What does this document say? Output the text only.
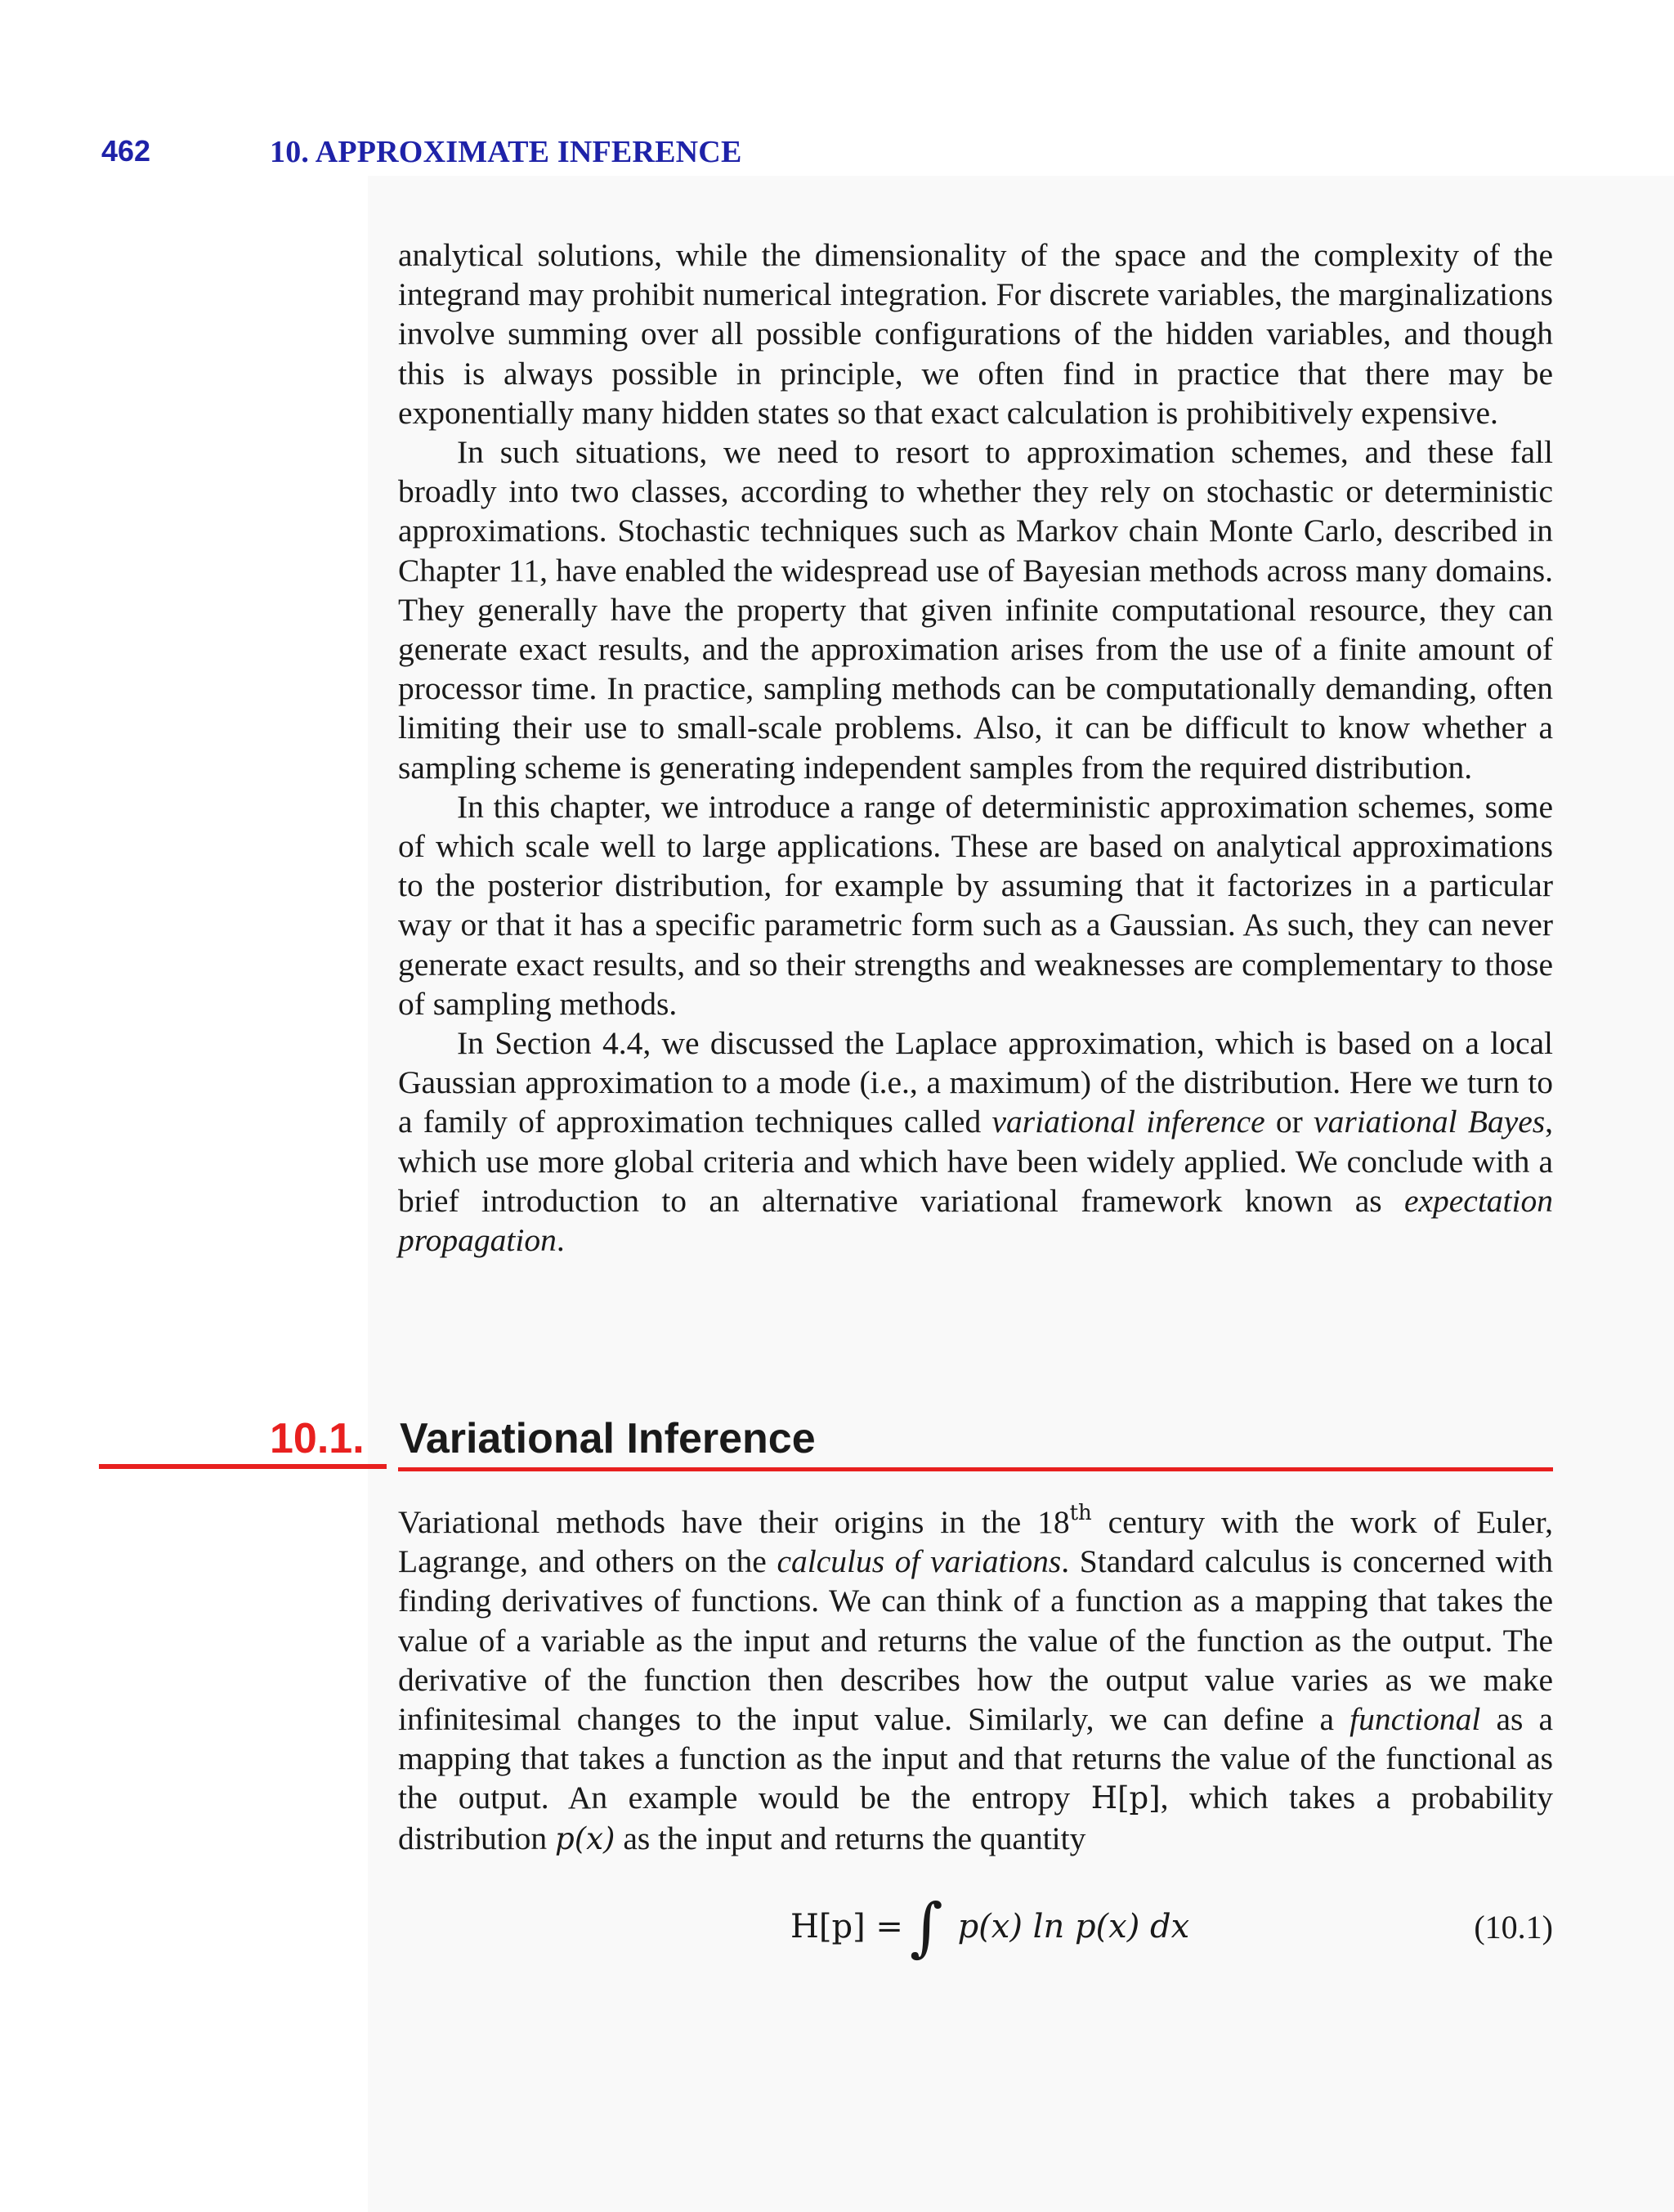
462	10. APPROXIMATE INFERENCE

analytical solutions, while the dimensionality of the space and the complexity of the integrand may prohibit numerical integration. For discrete variables, the marginalizations involve summing over all possible configurations of the hidden variables, and though this is always possible in principle, we often find in practice that there may be exponentially many hidden states so that exact calculation is prohibitively expensive.

In such situations, we need to resort to approximation schemes, and these fall broadly into two classes, according to whether they rely on stochastic or deterministic approximations. Stochastic techniques such as Markov chain Monte Carlo, described in Chapter 11, have enabled the widespread use of Bayesian methods across many domains. They generally have the property that given infinite computational resource, they can generate exact results, and the approximation arises from the use of a finite amount of processor time. In practice, sampling methods can be computationally demanding, often limiting their use to small-scale problems. Also, it can be difficult to know whether a sampling scheme is generating independent samples from the required distribution.

In this chapter, we introduce a range of deterministic approximation schemes, some of which scale well to large applications. These are based on analytical approximations to the posterior distribution, for example by assuming that it factorizes in a particular way or that it has a specific parametric form such as a Gaussian. As such, they can never generate exact results, and so their strengths and weaknesses are complementary to those of sampling methods.

In Section 4.4, we discussed the Laplace approximation, which is based on a local Gaussian approximation to a mode (i.e., a maximum) of the distribution. Here we turn to a family of approximation techniques called variational inference or variational Bayes, which use more global criteria and which have been widely applied. We conclude with a brief introduction to an alternative variational framework known as expectation propagation.

10.1. Variational Inference

Variational methods have their origins in the 18th century with the work of Euler, Lagrange, and others on the calculus of variations. Standard calculus is concerned with finding derivatives of functions. We can think of a function as a mapping that takes the value of a variable as the input and returns the value of the function as the output. The derivative of the function then describes how the output value varies as we make infinitesimal changes to the input value. Similarly, we can define a functional as a mapping that takes a function as the input and that returns the value of the functional as the output. An example would be the entropy H[p], which takes a probability distribution p(x) as the input and returns the quantity

H[p] = ∫ p(x) ln p(x) dx	(10.1)
